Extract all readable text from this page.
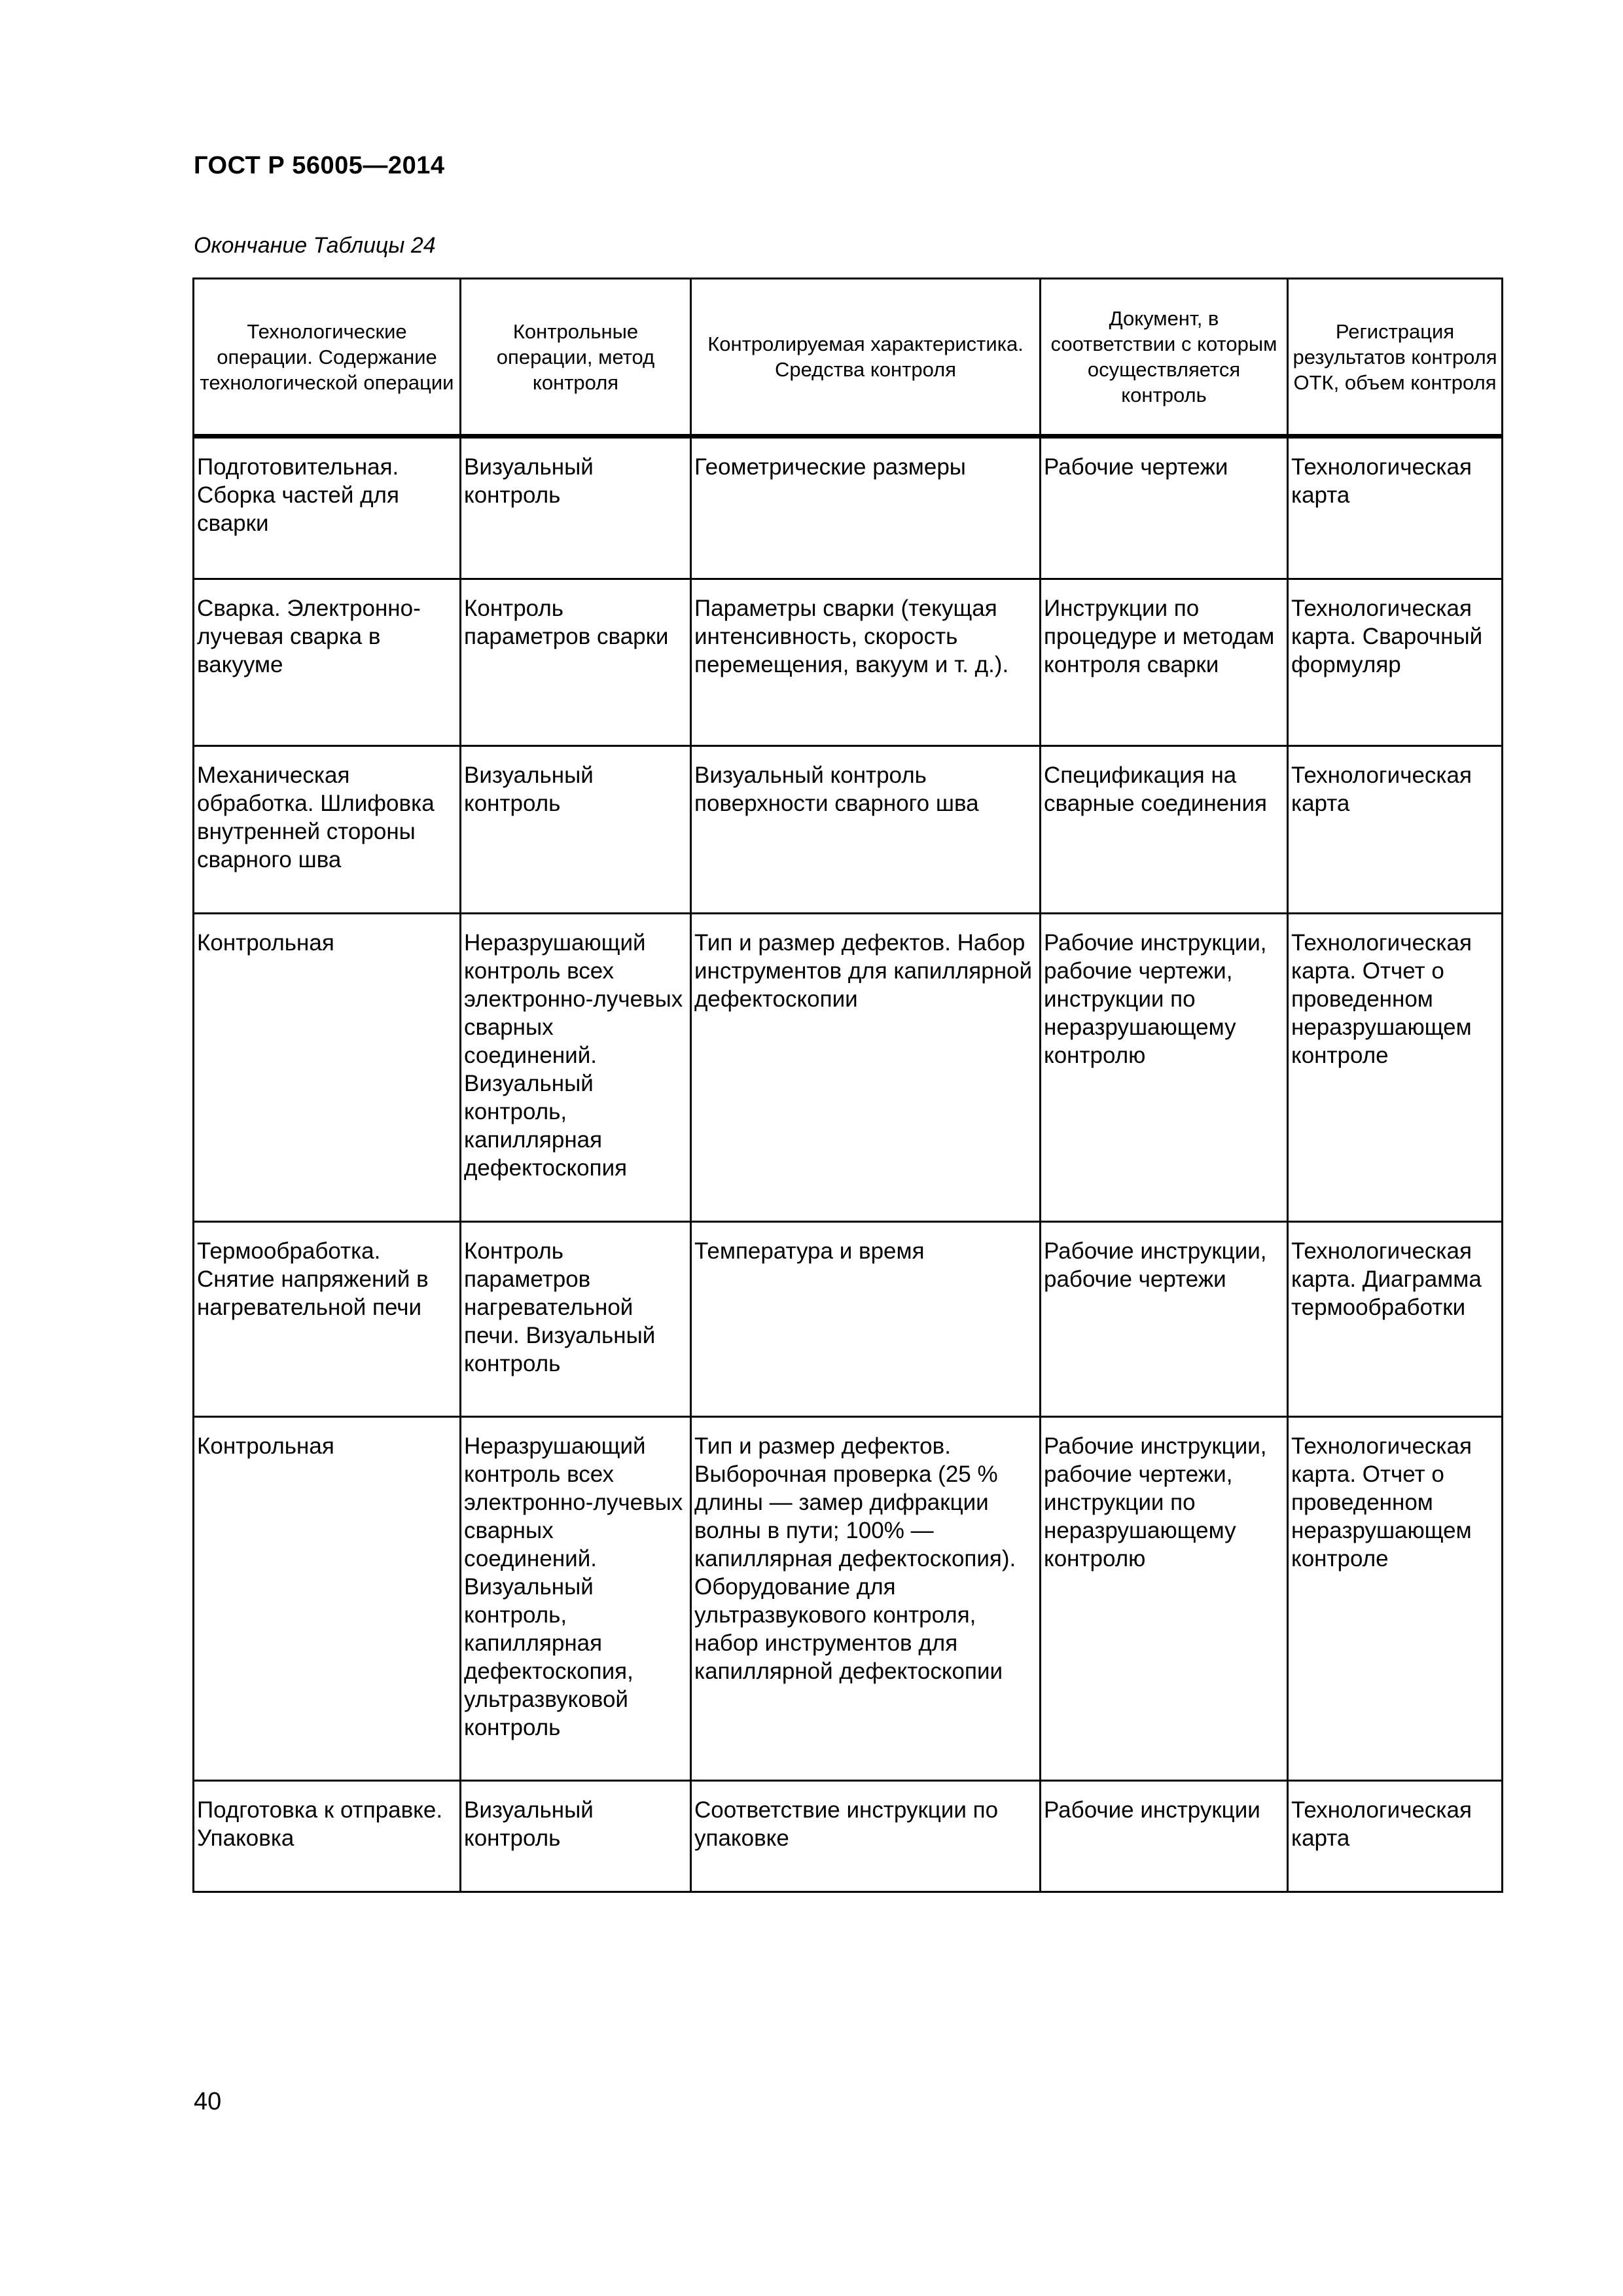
ГОСТ Р 56005—2014
Окончание Таблицы 24
Технологические операции. Содержание технологической операции	Контрольные операции, метод контроля	Контролируемая характеристика. Средства контроля	Документ, в соответствии с которым осуществляется контроль	Регистрация результатов контроля ОТК, объем контроля
Подготовительная. Сборка частей для сварки	Визуальный контроль	Геометрические размеры	Рабочие чертежи	Технологическая карта
Сварка. Электронно-лучевая сварка в вакууме	Контроль параметров сварки	Параметры сварки (текущая интенсивность, скорость перемещения, вакуум и т. д.).	Инструкции по процедуре и методам контроля сварки	Технологическая карта. Сварочный формуляр
Механическая обработка. Шлифовка внутренней стороны сварного шва	Визуальный контроль	Визуальный контроль поверхности сварного шва	Спецификация на сварные соединения	Технологическая карта
Контрольная	Неразрушающий контроль всех электронно-лучевых сварных соединений. Визуальный контроль, капиллярная дефектоскопия	Тип и размер дефектов. Набор инструментов для капиллярной дефектоскопии	Рабочие инструкции, рабочие чертежи, инструкции по неразрушающему контролю	Технологическая карта. Отчет о проведенном неразрушающем контроле
Термообработка. Снятие напряжений в нагревательной печи	Контроль параметров нагревательной печи. Визуальный контроль	Температура и время	Рабочие инструкции, рабочие чертежи	Технологическая карта. Диаграмма термообработки
Контрольная	Неразрушающий контроль всех электронно-лучевых сварных соединений. Визуальный контроль, капиллярная дефектоскопия, ультразвуковой контроль	Тип и размер дефектов. Выборочная проверка (25 % длины — замер дифракции волны в пути; 100% — капиллярная дефектоскопия). Оборудование для ультразвукового контроля, набор инструментов для капиллярной дефектоскопии	Рабочие инструкции, рабочие чертежи, инструкции по неразрушающему контролю	Технологическая карта. Отчет о проведенном неразрушающем контроле
Подготовка к отправке. Упаковка	Визуальный контроль	Соответствие инструкции по упаковке	Рабочие инструкции	Технологическая карта
40
